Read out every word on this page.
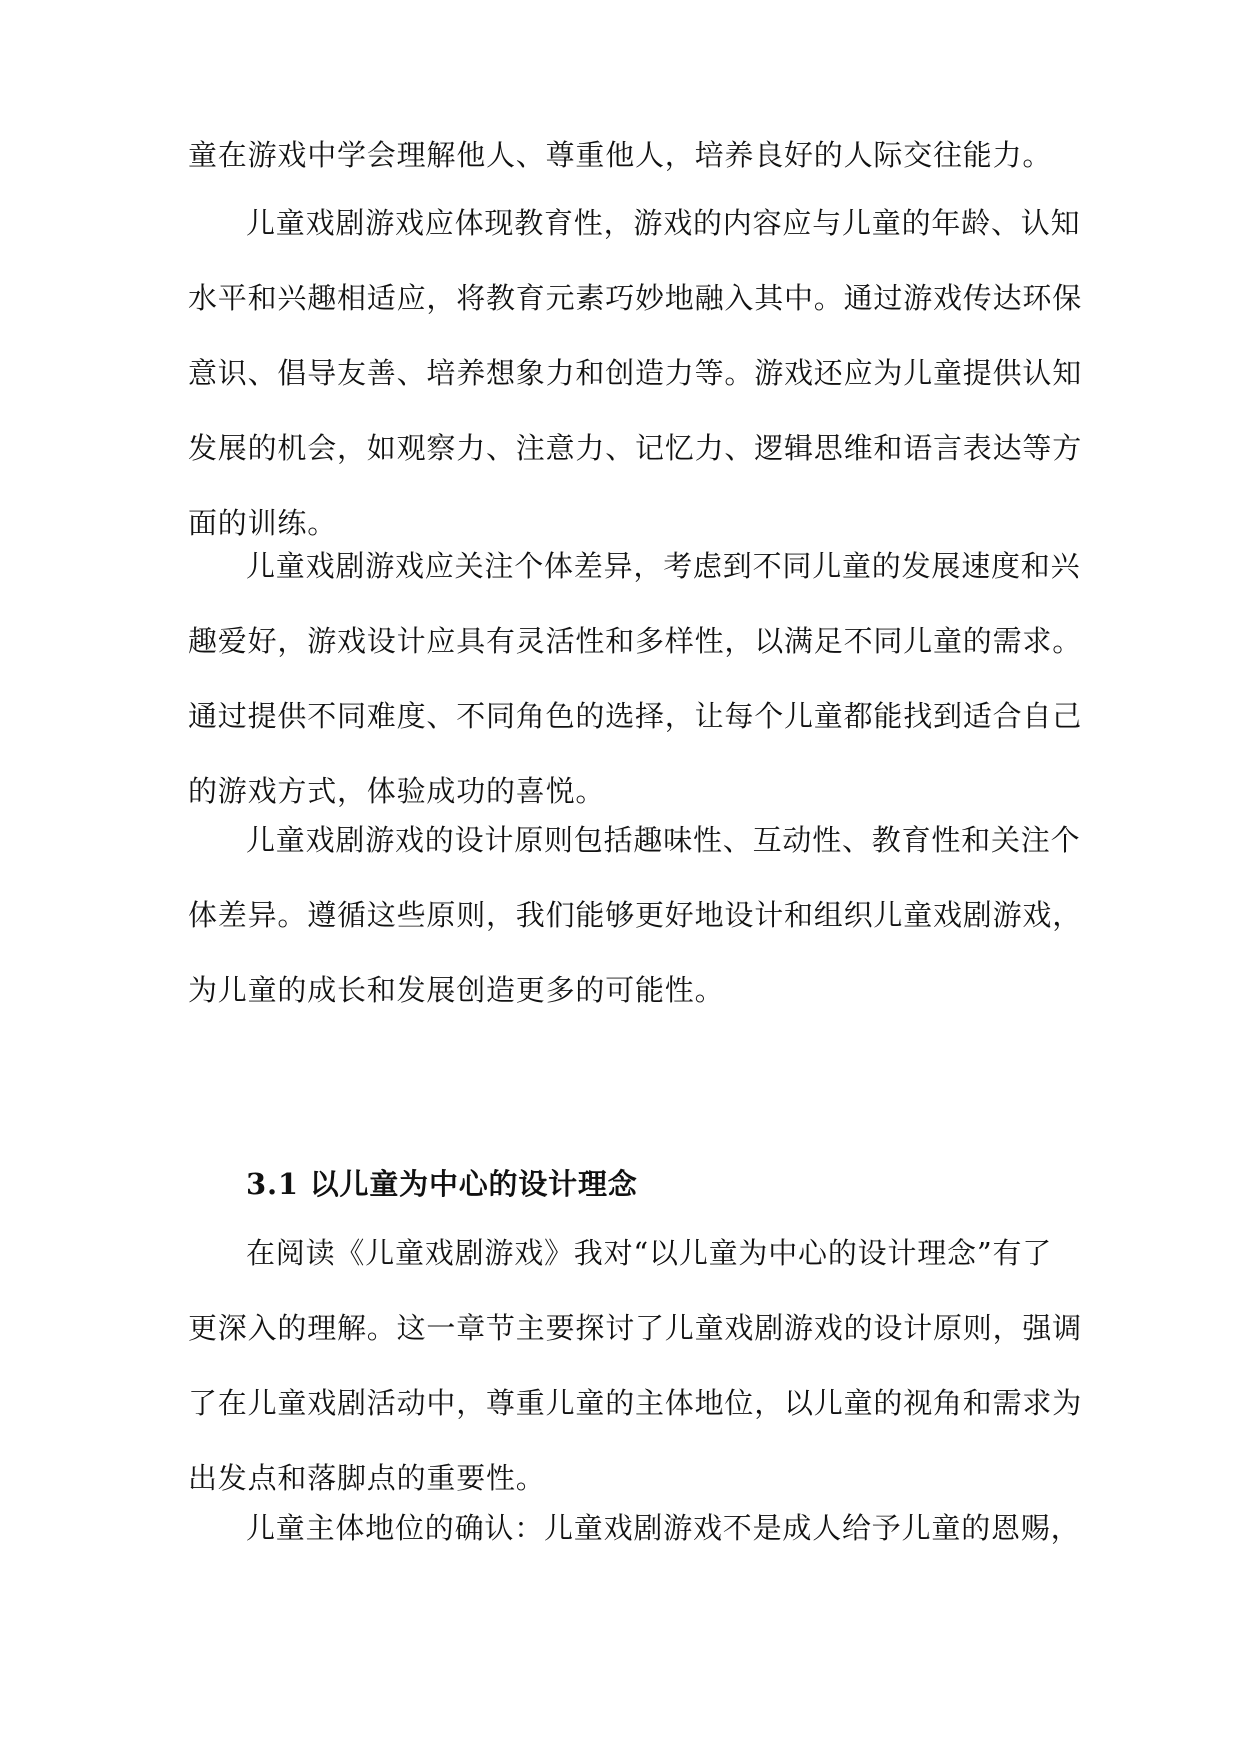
童在游戏中学会理解他人、尊重他人，培养良好的人际交往能力。
儿童戏剧游戏应体现教育性，游戏的内容应与儿童的年龄、认知
水平和兴趣相适应，将教育元素巧妙地融入其中。通过游戏传达环保
意识、倡导友善、培养想象力和创造力等。游戏还应为儿童提供认知
发展的机会，如观察力、注意力、记忆力、逻辑思维和语言表达等方
面的训练。
儿童戏剧游戏应关注个体差异，考虑到不同儿童的发展速度和兴
趣爱好，游戏设计应具有灵活性和多样性，以满足不同儿童的需求。
通过提供不同难度、不同角色的选择，让每个儿童都能找到适合自己
的游戏方式，体验成功的喜悦。
儿童戏剧游戏的设计原则包括趣味性、互动性、教育性和关注个
体差异。遵循这些原则，我们能够更好地设计和组织儿童戏剧游戏，
为儿童的成长和发展创造更多的可能性。
3.1 以儿童为中心的设计理念
在阅读《儿童戏剧游戏》我对“以儿童为中心的设计理念”有了
更深入的理解。这一章节主要探讨了儿童戏剧游戏的设计原则，强调
了在儿童戏剧活动中，尊重儿童的主体地位，以儿童的视角和需求为
出发点和落脚点的重要性。
儿童主体地位的确认：儿童戏剧游戏不是成人给予儿童的恩赐，
